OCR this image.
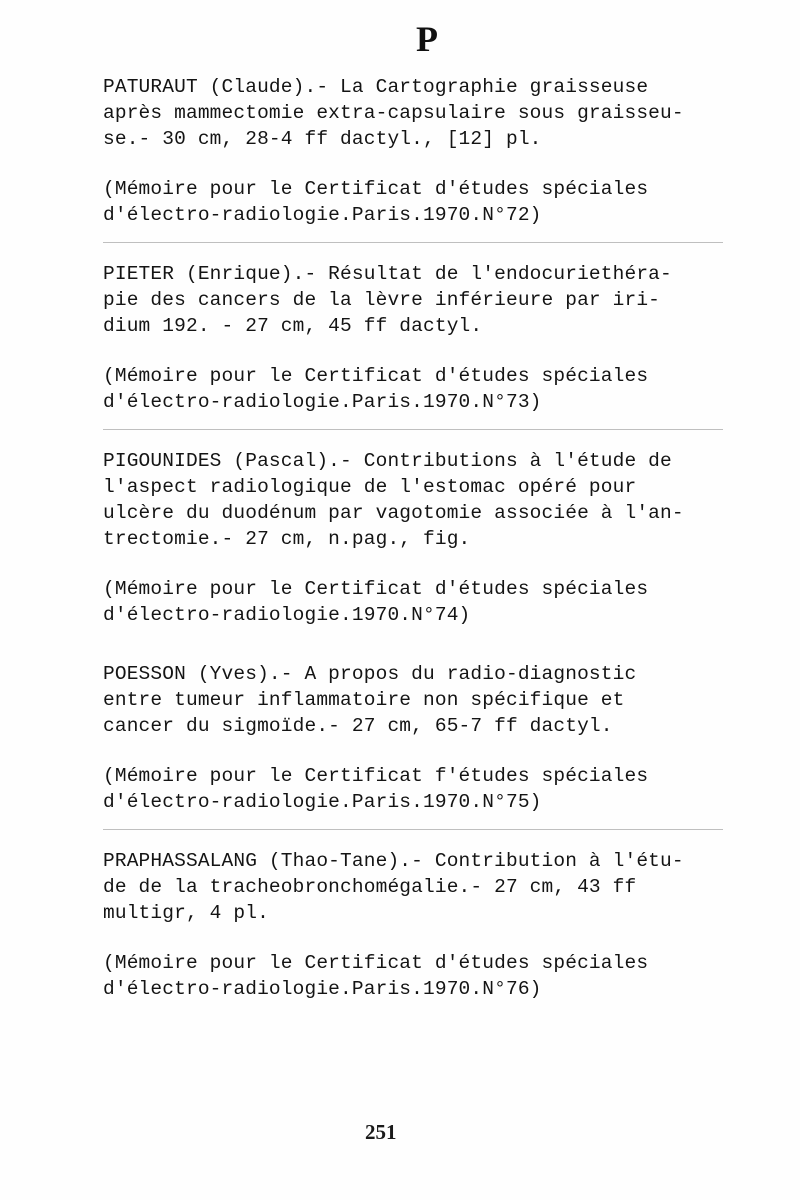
P

PATURAUT (Claude).- La Cartographie graisseuse

après mammectomie extra-capsulaire sous graisseu-

se.- 30 cm, 28-4 ff dactyl., [12] pl.

(Mémoire pour le Certificat d'études spéciales

d'électro-radiologie.Paris.1970.N°72)

PIETER (Enrique).- Résultat de l'endocuriethéra-

pie des cancers de la lèvre inférieure par iri-

dium 192. - 27 cm, 45 ff dactyl.

(Mémoire pour le Certificat d'études spéciales

d'électro-radiologie.Paris.1970.N°73)

PIGOUNIDES (Pascal).- Contributions à l'étude de

l'aspect radiologique de l'estomac opéré pour

ulcère du duodénum par vagotomie associée à l'an-

trectomie.- 27 cm, n.pag., fig.

(Mémoire pour le Certificat d'études spéciales

d'électro-radiologie.1970.N°74)

POESSON (Yves).- A propos du radio-diagnostic

entre tumeur inflammatoire non spécifique et

cancer du sigmoïde.- 27 cm, 65-7 ff dactyl.

(Mémoire pour le Certificat f'études spéciales

d'électro-radiologie.Paris.1970.N°75)

PRAPHASSALANG (Thao-Tane).- Contribution à l'étu-

de de la tracheobronchomégalie.- 27 cm, 43 ff

multigr, 4 pl.

(Mémoire pour le Certificat d'études spéciales

d'électro-radiologie.Paris.1970.N°76)

251
